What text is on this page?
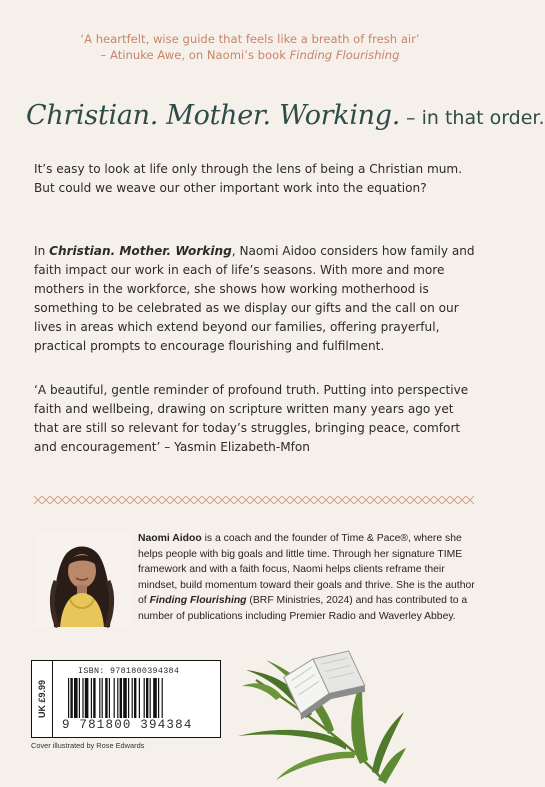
‘A heartfelt, wise guide that feels like a breath of fresh air’
– Atinuke Awe, on Naomi’s book Finding Flourishing
Christian. Mother. Working. – in that order.
It’s easy to look at life only through the lens of being a Christian mum. But could we weave our other important work into the equation?
In Christian. Mother. Working, Naomi Aidoo considers how family and faith impact our work in each of life’s seasons. With more and more mothers in the workforce, she shows how working motherhood is something to be celebrated as we display our gifts and the call on our lives in areas which extend beyond our families, offering prayerful, practical prompts to encourage flourishing and fulfilment.
‘A beautiful, gentle reminder of profound truth. Putting into perspective faith and wellbeing, drawing on scripture written many years ago yet that are still so relevant for today’s struggles, bringing peace, comfort and encouragement’ – Yasmin Elizabeth-Mfon
Naomi Aidoo is a coach and the founder of Time & Pace®, where she helps people with big goals and little time. Through her signature TIME framework and with a faith focus, Naomi helps clients reframe their mindset, build momentum toward their goals and thrive. She is the author of Finding Flourishing (BRF Ministries, 2024) and has contributed to a number of publications including Premier Radio and Waverley Abbey.
UK £9.99
ISBN: 9781800394384
9 781800 394384
Cover illustrated by Rose Edwards
